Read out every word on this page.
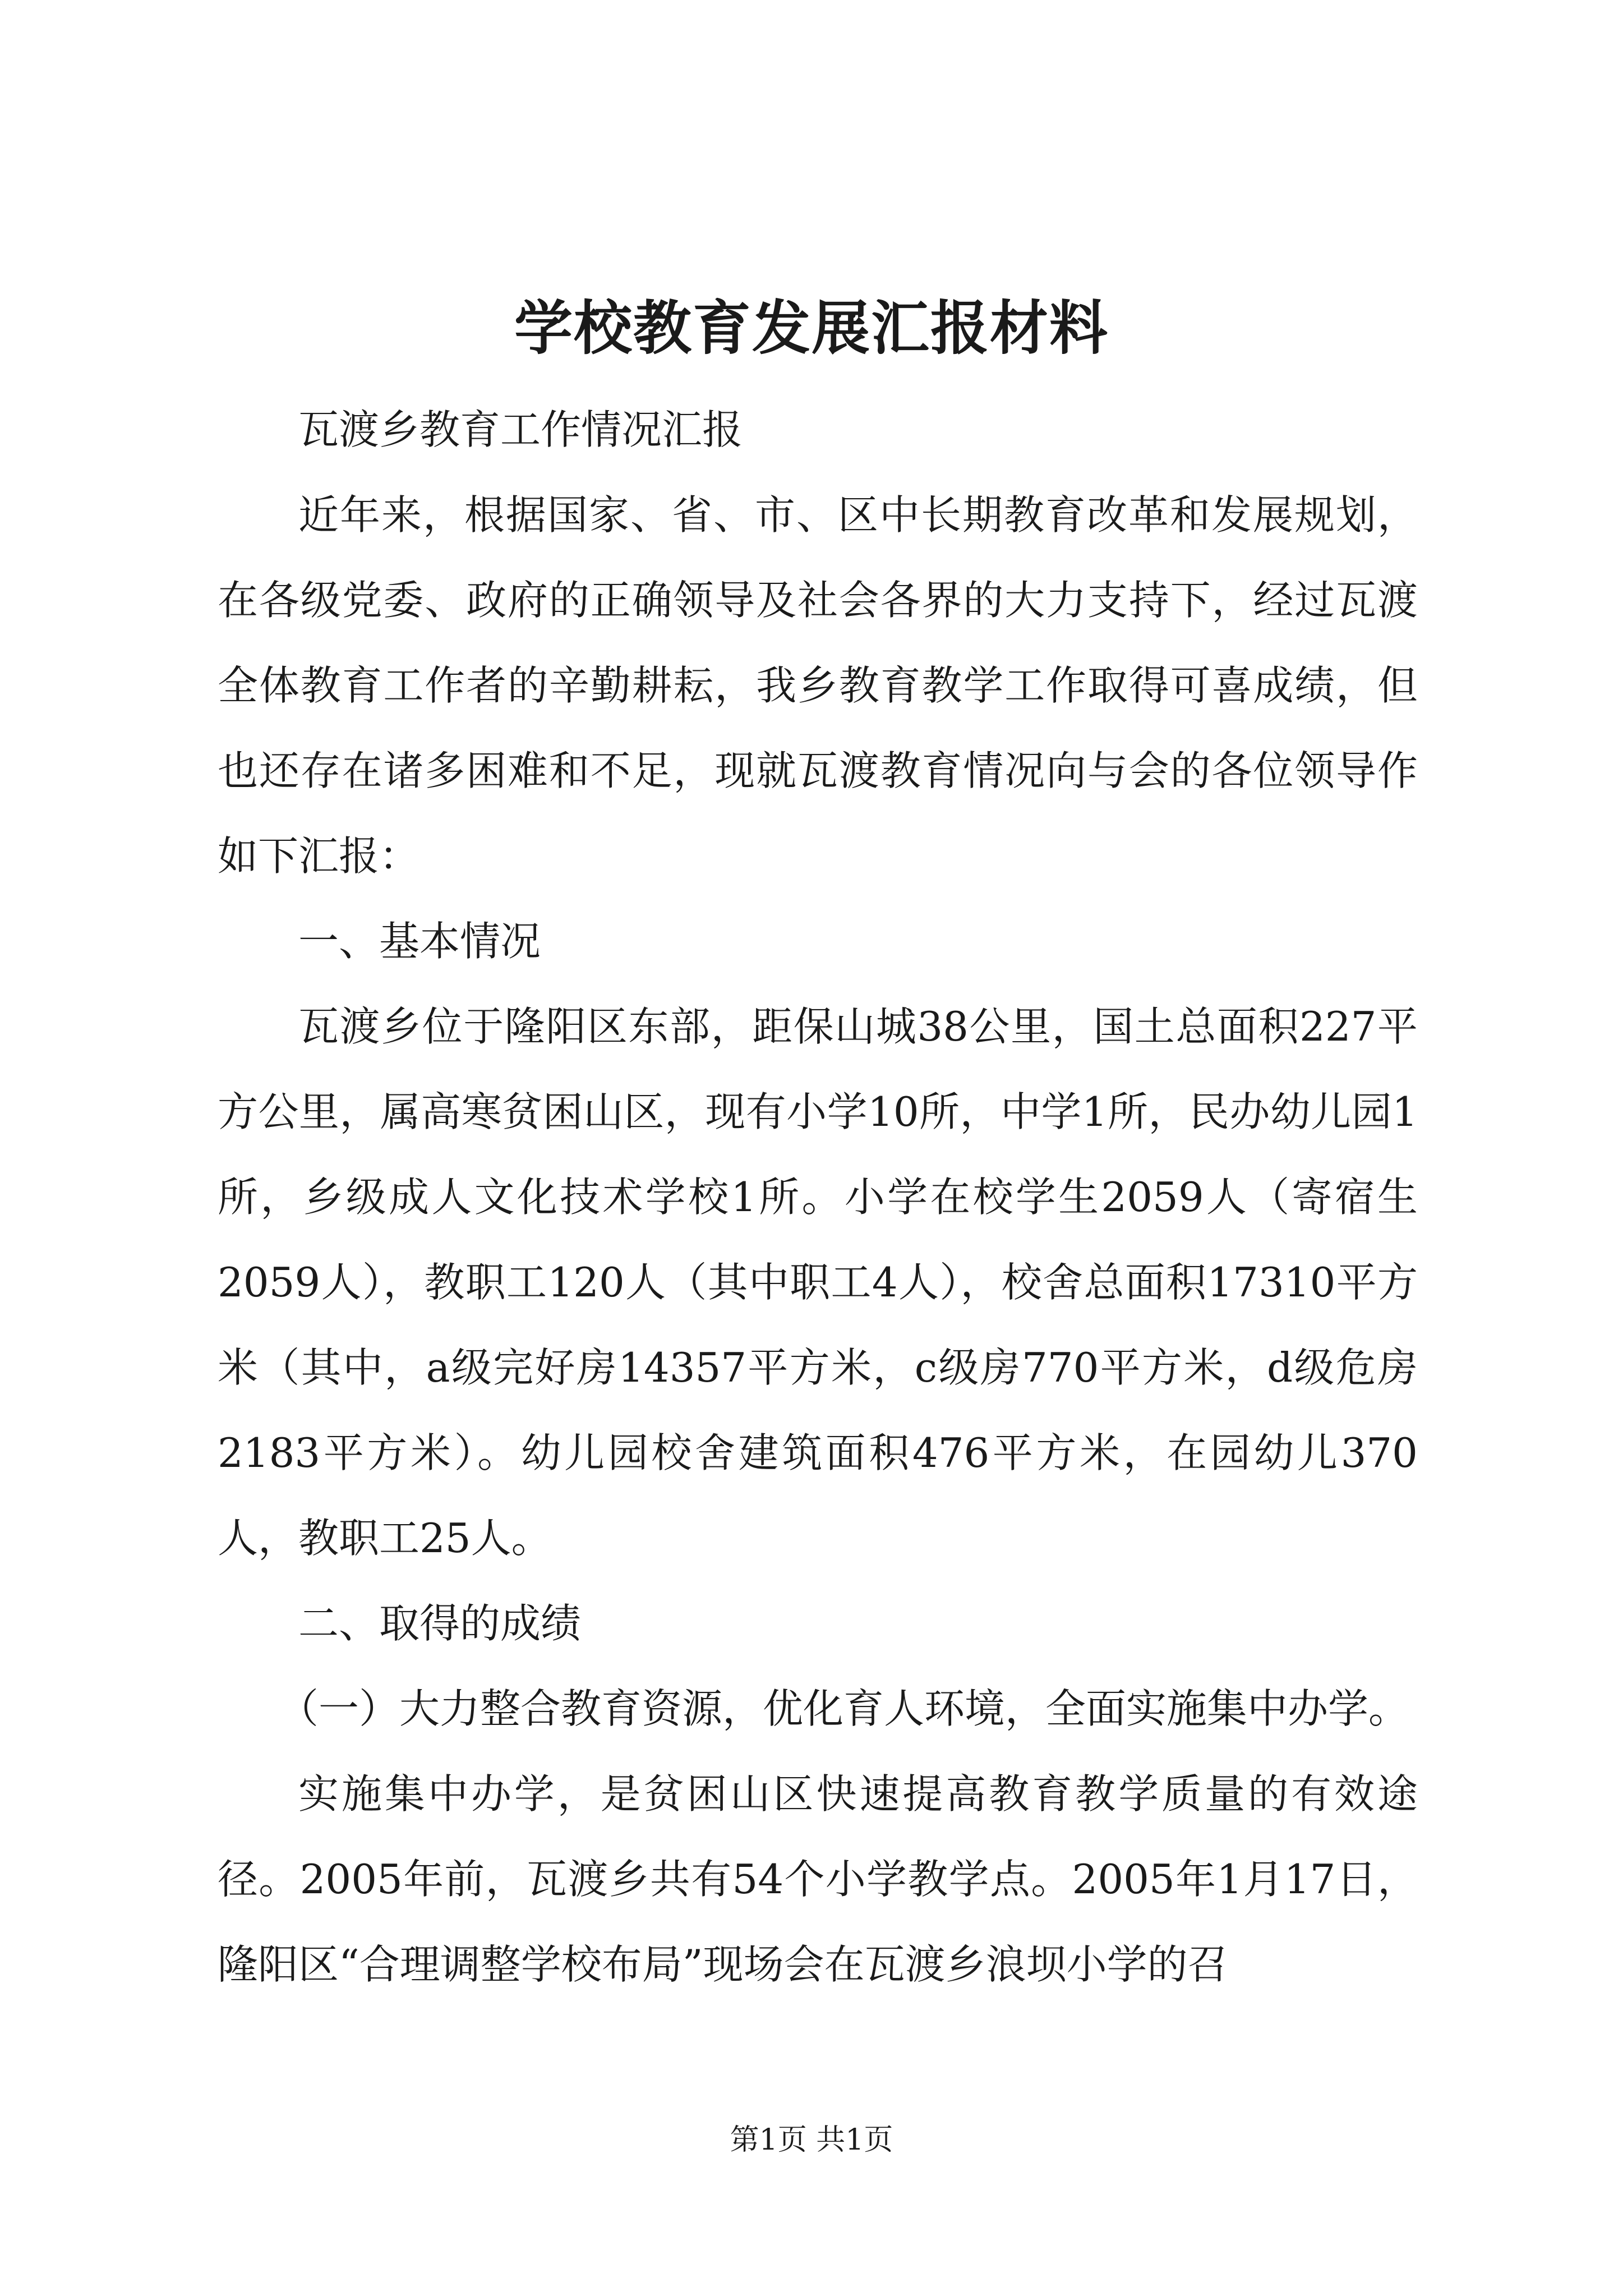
学校教育发展汇报材料

瓦渡乡教育工作情况汇报

近年来，根据国家、省、市、区中长期教育改革和发展规划，在各级党委、政府的正确领导及社会各界的大力支持下，经过瓦渡全体教育工作者的辛勤耕耘，我乡教育教学工作取得可喜成绩，但也还存在诸多困难和不足，现就瓦渡教育情况向与会的各位领导作如下汇报：

一、基本情况

瓦渡乡位于隆阳区东部，距保山城38公里，国土总面积227平方公里，属高寒贫困山区，现有小学10所，中学1所，民办幼儿园1所，乡级成人文化技术学校1所。小学在校学生2059人（寄宿生2059人），教职工120人（其中职工4人），校舍总面积17310平方米（其中，a级完好房14357平方米，c级房770平方米，d级危房2183平方米）。幼儿园校舍建筑面积476平方米，在园幼儿370人，教职工25人。

二、取得的成绩

（一）大力整合教育资源，优化育人环境，全面实施集中办学。

实施集中办学，是贫困山区快速提高教育教学质量的有效途径。2005年前，瓦渡乡共有54个小学教学点。2005年1月17日，隆阳区“合理调整学校布局”现场会在瓦渡乡浪坝小学的召

第1页 共1页
